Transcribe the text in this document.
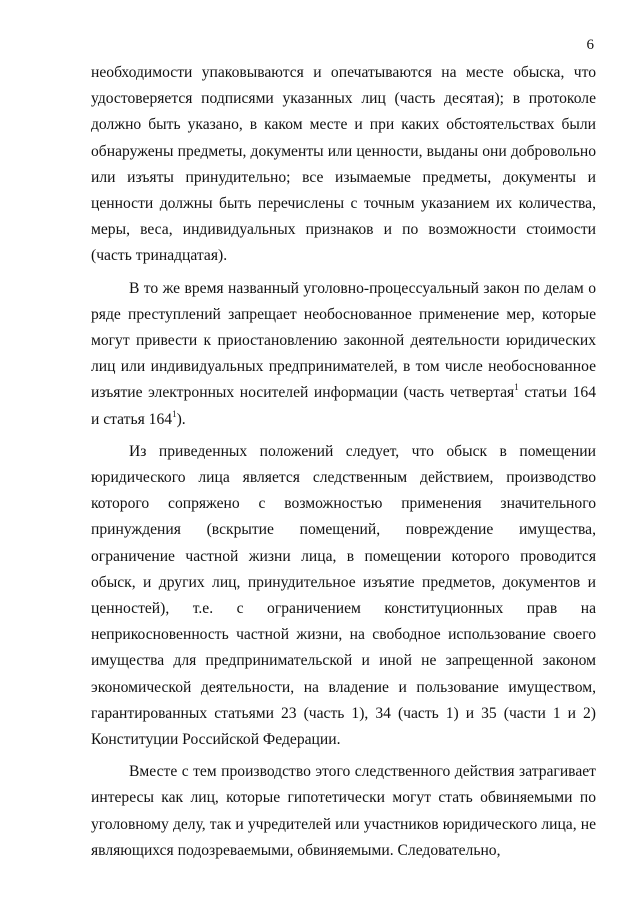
6

необходимости упаковываются и опечатываются на месте обыска, что удостоверяется подписями указанных лиц (часть десятая); в протоколе должно быть указано, в каком месте и при каких обстоятельствах были обнаружены предметы, документы или ценности, выданы они добровольно или изъяты принудительно; все изымаемые предметы, документы и ценности должны быть перечислены с точным указанием их количества, меры, веса, индивидуальных признаков и по возможности стоимости (часть тринадцатая).

В то же время названный уголовно-процессуальный закон по делам о ряде преступлений запрещает необоснованное применение мер, которые могут привести к приостановлению законной деятельности юридических лиц или индивидуальных предпринимателей, в том числе необоснованное изъятие электронных носителей информации (часть четвертая$^1$ статьи 164 и статья $164^1$).

Из приведенных положений следует, что обыск в помещении юридического лица является следственным действием, производство которого сопряжено с возможностью применения значительного принуждения (вскрытие помещений, повреждение имущества, ограничение частной жизни лица, в помещении которого проводится обыск, и других лиц, принудительное изъятие предметов, документов и ценностей), т.е. с ограничением конституционных прав на неприкосновенность частной жизни, на свободное использование своего имущества для предпринимательской и иной не запрещенной законом экономической деятельности, на владение и пользование имуществом, гарантированных статьями 23 (часть 1), 34 (часть 1) и 35 (части 1 и 2) Конституции Российской Федерации.

Вместе с тем производство этого следственного действия затрагивает интересы как лиц, которые гипотетически могут стать обвиняемыми по уголовному делу, так и учредителей или участников юридического лица, не являющихся подозреваемыми, обвиняемыми. Следовательно,
